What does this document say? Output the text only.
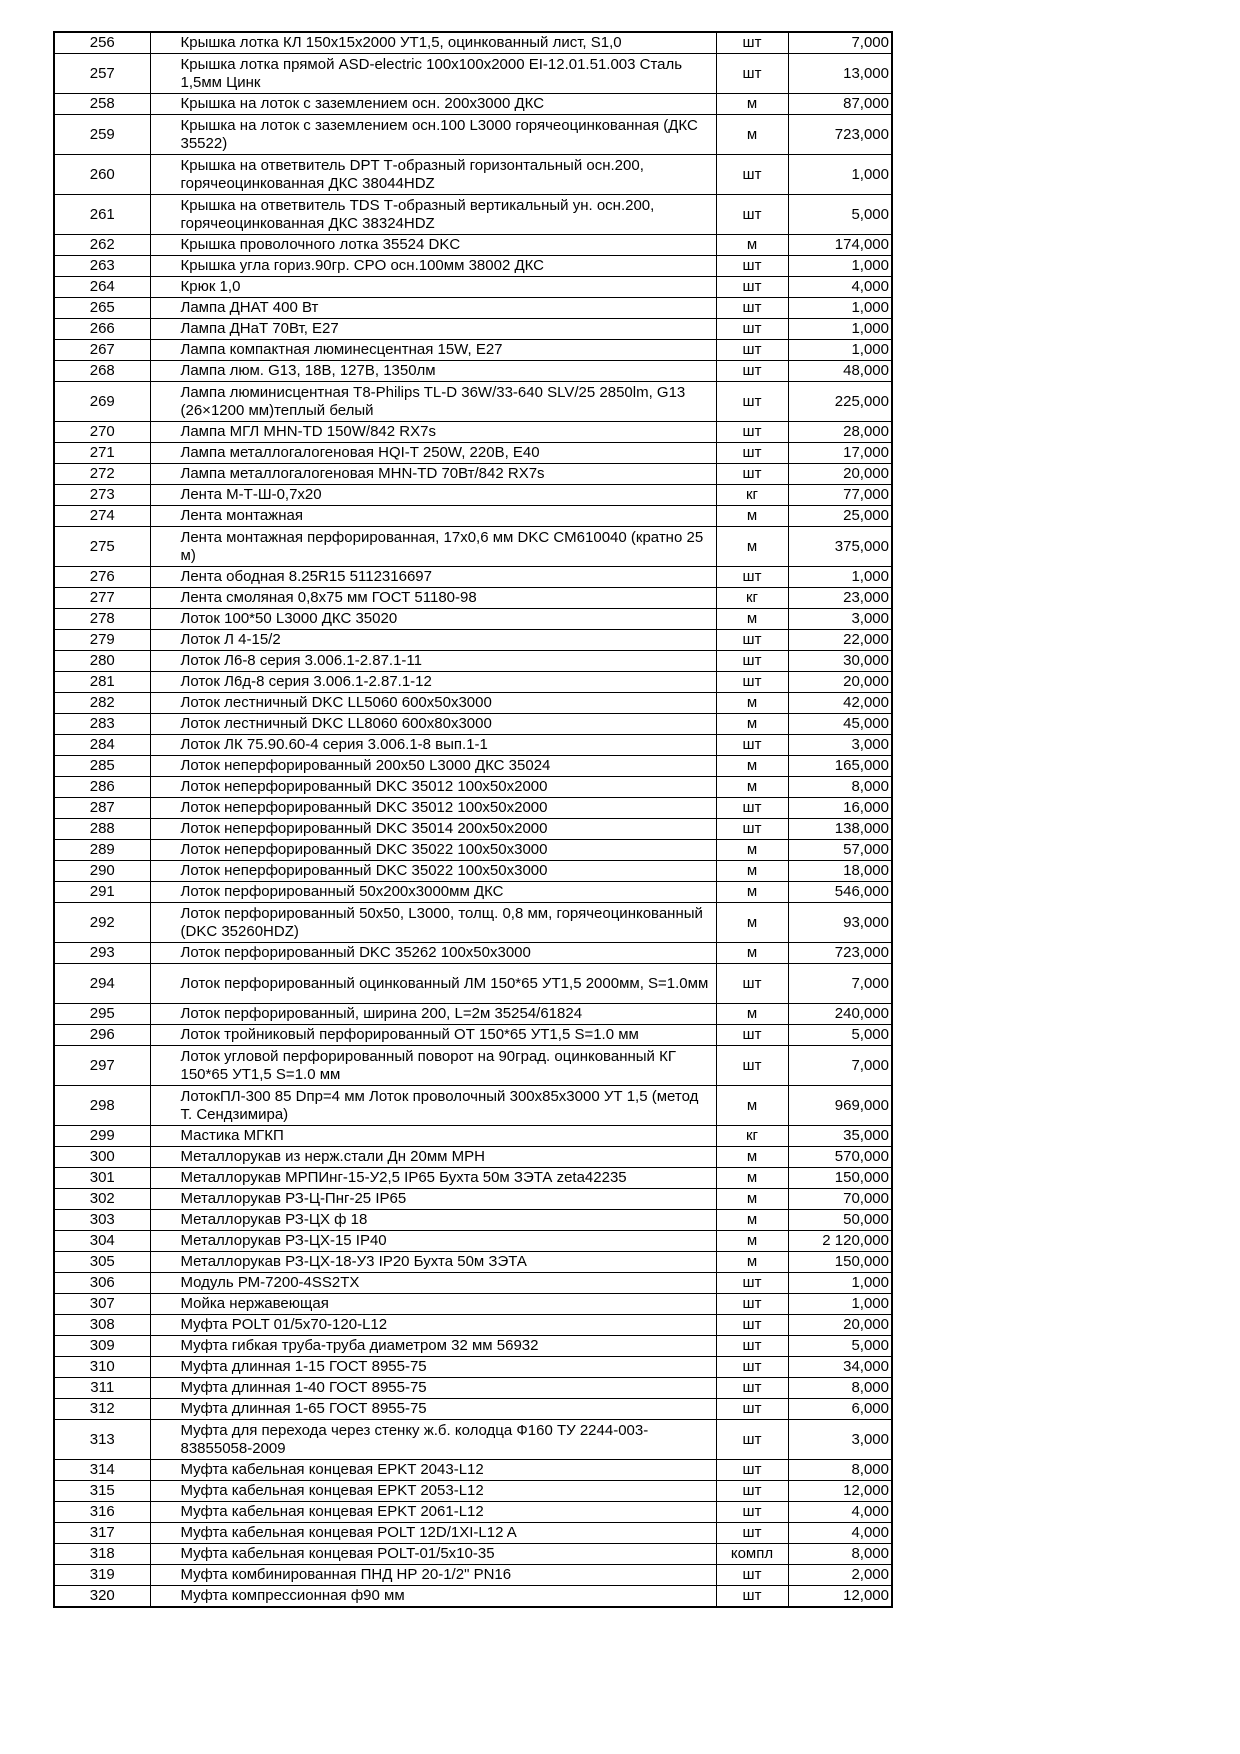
256	Крышка лотка КЛ 150х15х2000 УТ1,5, оцинкованный лист, S1,0	шт	7,000
257	Крышка лотка прямой ASD-electric 100х100х2000 EI-12.01.51.003 Сталь 1,5мм Цинк	шт	13,000
258	Крышка на лоток с заземлением осн. 200х3000 ДКС	м	87,000
259	Крышка на лоток с заземлением осн.100 L3000 горячеоцинкованная (ДКС 35522)	м	723,000
260	Крышка на ответвитель DPT Т-образный горизонтальный осн.200, горячеоцинкованная ДКС 38044HDZ	шт	1,000
261	Крышка на ответвитель TDS Т-образный вертикальный ун. осн.200, горячеоцинкованная ДКС 38324HDZ	шт	5,000
262	Крышка проволочного лотка 35524 DKC	м	174,000
263	Крышка угла гориз.90гр. CPO осн.100мм 38002 ДКС	шт	1,000
264	Крюк 1,0	шт	4,000
265	Лампа ДНАТ 400 Вт	шт	1,000
266	Лампа ДНаТ 70Вт, Е27	шт	1,000
267	Лампа компактная люминесцентная 15W, E27	шт	1,000
268	Лампа люм. G13, 18В, 127В, 1350лм	шт	48,000
269	Лампа люминисцентная Т8-Philips TL-D 36W/33-640 SLV/25 2850lm, G13 (26×1200 мм)теплый белый	шт	225,000
270	Лампа МГЛ MHN-TD 150W/842 RX7s	шт	28,000
271	Лампа металлогалогеновая HQI-T 250W, 220В, Е40	шт	17,000
272	Лампа металлогалогеновая MHN-TD 70Вт/842 RX7s	шт	20,000
273	Лента М-Т-Ш-0,7х20	кг	77,000
274	Лента монтажная	м	25,000
275	Лента монтажная перфорированная, 17х0,6 мм DKC CM610040 (кратно 25 м)	м	375,000
276	Лента ободная 8.25R15 5112316697	шт	1,000
277	Лента смоляная 0,8х75 мм ГОСТ 51180-98	кг	23,000
278	Лоток 100*50 L3000 ДКС 35020	м	3,000
279	Лоток Л 4-15/2	шт	22,000
280	Лоток Л6-8 серия 3.006.1-2.87.1-11	шт	30,000
281	Лоток Л6д-8 серия 3.006.1-2.87.1-12	шт	20,000
282	Лоток лестничный DKC LL5060 600х50х3000	м	42,000
283	Лоток лестничный DKC LL8060 600х80х3000	м	45,000
284	Лоток ЛК 75.90.60-4 серия 3.006.1-8 вып.1-1	шт	3,000
285	Лоток неперфорированный 200х50 L3000 ДКС 35024	м	165,000
286	Лоток неперфорированный DKC 35012 100х50х2000	м	8,000
287	Лоток неперфорированный DKC 35012 100х50х2000	шт	16,000
288	Лоток неперфорированный DKC 35014 200х50х2000	шт	138,000
289	Лоток неперфорированный DKC 35022 100х50х3000	м	57,000
290	Лоток неперфорированный DKC 35022 100х50х3000	м	18,000
291	Лоток перфорированный 50х200х3000мм ДКС	м	546,000
292	Лоток перфорированный 50х50, L3000, толщ. 0,8 мм, горячеоцинкованный (DKC 35260HDZ)	м	93,000
293	Лоток перфорированный DKC 35262 100х50х3000	м	723,000
294	Лоток перфорированный оцинкованный ЛМ 150*65 УТ1,5 2000мм, S=1.0мм	шт	7,000
295	Лоток перфорированный, ширина 200, L=2м 35254/61824	м	240,000
296	Лоток тройниковый перфорированный ОТ 150*65 УТ1,5 S=1.0 мм	шт	5,000
297	Лоток угловой перфорированный поворот на 90град. оцинкованный КГ 150*65 УТ1,5 S=1.0 мм	шт	7,000
298	ЛотокПЛ-300 85 Dпр=4 мм Лоток проволочный 300х85х3000 УТ 1,5 (метод Т. Сендзимира)	м	969,000
299	Мастика МГКП	кг	35,000
300	Металлорукав из нерж.стали Дн 20мм МРН	м	570,000
301	Металлорукав МРПИнг-15-У2,5 IP65 Бухта 50м ЗЭТА zeta42235	м	150,000
302	Металлорукав РЗ-Ц-Пнг-25 IP65	м	70,000
303	Металлорукав РЗ-ЦХ ф 18	м	50,000
304	Металлорукав РЗ-ЦХ-15 IP40	м	2 120,000
305	Металлорукав РЗ-ЦХ-18-У3 IP20 Бухта 50м ЗЭТА	м	150,000
306	Модуль РМ-7200-4SS2TX	шт	1,000
307	Мойка нержавеющая	шт	1,000
308	Муфта POLT 01/5х70-120-L12	шт	20,000
309	Муфта гибкая труба-труба диаметром 32 мм 56932	шт	5,000
310	Муфта длинная 1-15 ГОСТ 8955-75	шт	34,000
311	Муфта длинная 1-40 ГОСТ 8955-75	шт	8,000
312	Муфта длинная 1-65 ГОСТ 8955-75	шт	6,000
313	Муфта для перехода через стенку ж.б. колодца Ф160 ТУ 2244-003-83855058-2009	шт	3,000
314	Муфта кабельная концевая EPKT 2043-L12	шт	8,000
315	Муфта кабельная концевая EPKT 2053-L12	шт	12,000
316	Муфта кабельная концевая EPKT 2061-L12	шт	4,000
317	Муфта кабельная концевая POLT 12D/1XI-L12 A	шт	4,000
318	Муфта кабельная концевая POLT-01/5х10-35	компл	8,000
319	Муфта комбинированная ПНД НР 20-1/2" PN16	шт	2,000
320	Муфта компрессионная ф90 мм	шт	12,000
